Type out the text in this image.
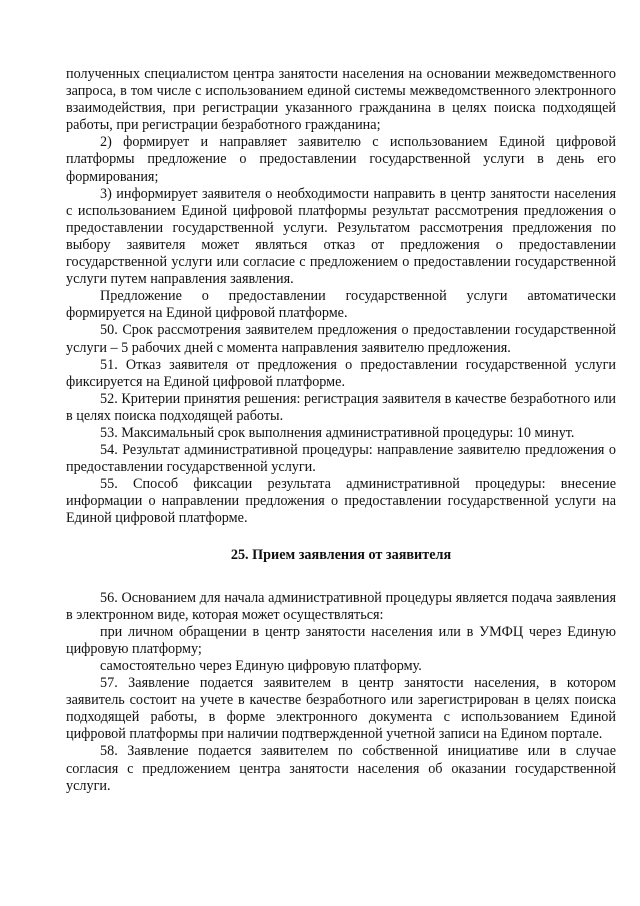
полученных специалистом центра занятости населения на основании межведомственного запроса, в том числе с использованием единой системы межведомственного электронного взаимодействия, при регистрации указанного гражданина в целях поиска подходящей работы, при регистрации безработного гражданина;

2) формирует и направляет заявителю с использованием Единой цифровой платформы предложение о предоставлении государственной услуги в день его формирования;

3) информирует заявителя о необходимости направить в центр занятости населения с использованием Единой цифровой платформы результат рассмотрения предложения о предоставлении государственной услуги. Результатом рассмотрения предложения по выбору заявителя может являться отказ от предложения о предоставлении государственной услуги или согласие с предложением о предоставлении государственной услуги путем направления заявления.

Предложение о предоставлении государственной услуги автоматически формируется на Единой цифровой платформе.

50. Срок рассмотрения заявителем предложения о предоставлении государственной услуги – 5 рабочих дней с момента направления заявителю предложения.

51. Отказ заявителя от предложения о предоставлении государственной услуги фиксируется на Единой цифровой платформе.

52. Критерии принятия решения: регистрация заявителя в качестве безработного или в целях поиска подходящей работы.

53. Максимальный срок выполнения административной процедуры: 10 минут.

54. Результат административной процедуры: направление заявителю предложения о предоставлении государственной услуги.

55. Способ фиксации результата административной процедуры: внесение информации о направлении предложения о предоставлении государственной услуги на Единой цифровой платформе.

25. Прием заявления от заявителя

56. Основанием для начала административной процедуры является подача заявления в электронном виде, которая может осуществляться:

при личном обращении в центр занятости населения или в УМФЦ через Единую цифровую платформу;

самостоятельно через Единую цифровую платформу.

57. Заявление подается заявителем в центр занятости населения, в котором заявитель состоит на учете в качестве безработного или зарегистрирован в целях поиска подходящей работы, в форме электронного документа с использованием Единой цифровой платформы при наличии подтвержденной учетной записи на Едином портале.

58. Заявление подается заявителем по собственной инициативе или в случае согласия с предложением центра занятости населения об оказании государственной услуги.
